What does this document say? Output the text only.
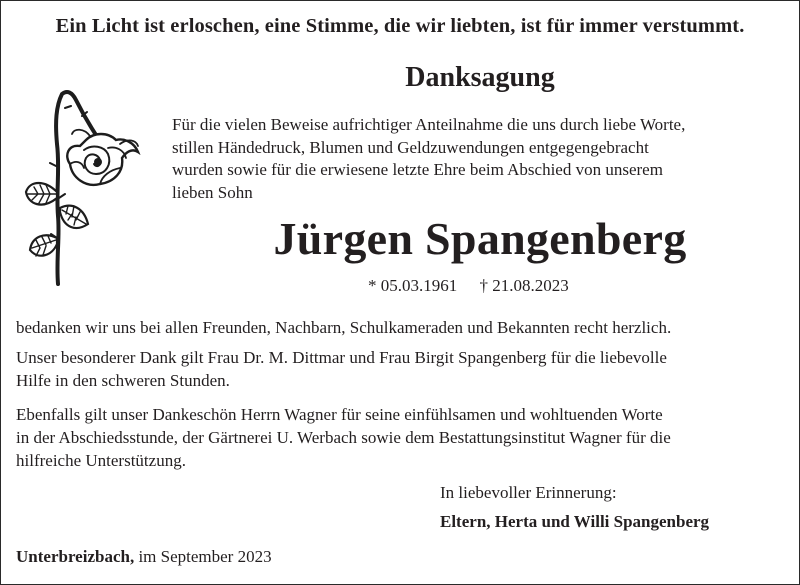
Ein Licht ist erloschen, eine Stimme, die wir liebten, ist für immer verstummt.

Danksagung

Für die vielen Beweise aufrichtiger Anteilnahme die uns durch liebe Worte,
stillen Händedruck, Blumen und Geldzuwendungen entgegengebracht
wurden sowie für die erwiesene letzte Ehre beim Abschied von unserem
lieben Sohn

Jürgen Spangenberg

* 05.03.1961 † 21.08.2023

bedanken wir uns bei allen Freunden, Nachbarn, Schulkameraden und Bekannten recht herzlich.

Unser besonderer Dank gilt Frau Dr. M. Dittmar und Frau Birgit Spangenberg für die liebevolle
Hilfe in den schweren Stunden.
Ebenfalls gilt unser Dankeschön Herrn Wagner für seine einfühlsamen und wohltuenden Worte
in der Abschiedsstunde, der Gärtnerei U. Werbach sowie dem Bestattungsinstitut Wagner für die
hilfreiche Unterstützung.

In liebevoller Erinnerung:

Eltern, Herta und Willi Spangenberg

Unterbreizbach, im September 2023
